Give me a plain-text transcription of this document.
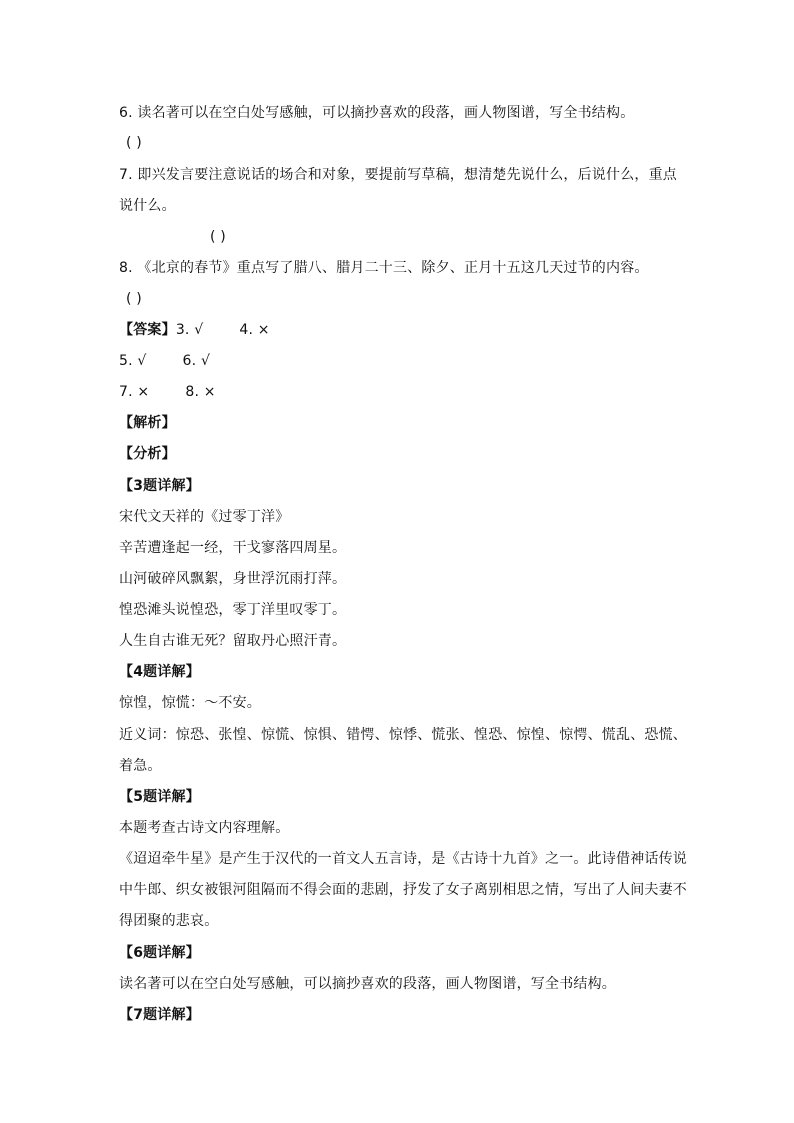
6. 读名著可以在空白处写感触，可以摘抄喜欢的段落，画人物图谱，写全书结构。
( )
7. 即兴发言要注意说话的场合和对象，要提前写草稿，想清楚先说什么，后说什么，重点
说什么。
( )
8. 《北京的春节》重点写了腊八、腊月二十三、除夕、正月十五这几天过节的内容。
( )
【答案】3. √	4. ×
5. √	6. √
7. ×	8. ×
【解析】
【分析】
【3题详解】
宋代文天祥的《过零丁洋》
辛苦遭逢起一经，干戈寥落四周星。
山河破碎风飘絮，身世浮沉雨打萍。
惶恐滩头说惶恐，零丁洋里叹零丁。
人生自古谁无死？留取丹心照汗青。
【4题详解】
惊惶，惊慌：～不安。
近义词：惊恐、张惶、惊慌、惊惧、错愕、惊悸、慌张、惶恐、惊惶、惊愕、慌乱、恐慌、
着急。
【5题详解】
本题考查古诗文内容理解。
《迢迢牵牛星》是产生于汉代的一首文人五言诗，是《古诗十九首》之一。此诗借神话传说
中牛郎、织女被银河阻隔而不得会面的悲剧，抒发了女子离别相思之情，写出了人间夫妻不
得团聚的悲哀。
【6题详解】
读名著可以在空白处写感触，可以摘抄喜欢的段落，画人物图谱，写全书结构。
【7题详解】
